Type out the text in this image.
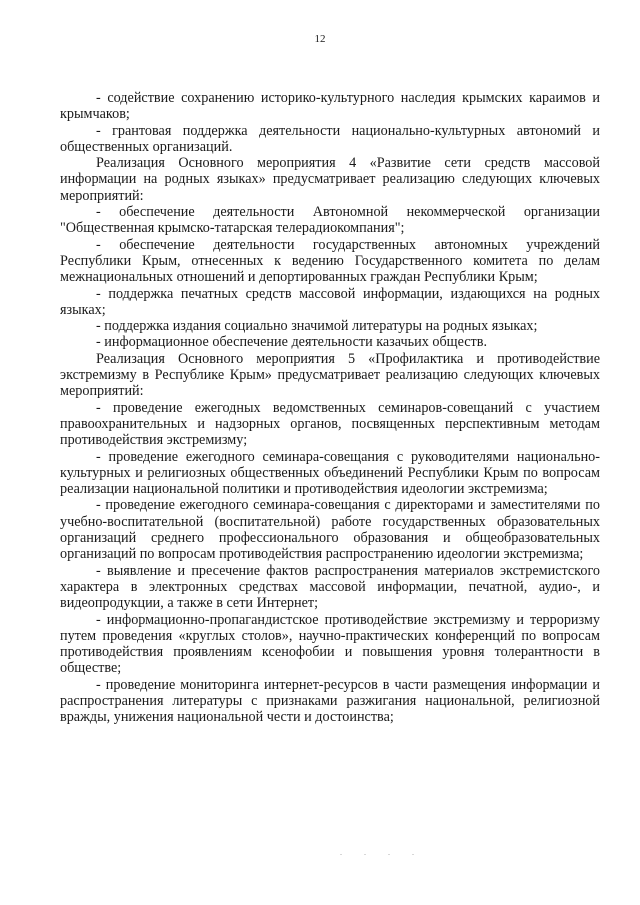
12

- содействие сохранению историко-культурного наследия крымских караимов и крымчаков;

- грантовая поддержка деятельности национально-культурных автономий и общественных организаций.

Реализация Основного мероприятия 4 «Развитие сети средств массовой информации на родных языках» предусматривает реализацию следующих ключевых мероприятий:

- обеспечение деятельности Автономной некоммерческой организации "Общественная крымско-татарская телерадиокомпания";

- обеспечение деятельности государственных автономных учреждений Республики Крым, отнесенных к ведению Государственного комитета по делам межнациональных отношений и депортированных граждан Республики Крым;

- поддержка печатных средств массовой информации, издающихся на родных языках;

- поддержка издания социально значимой литературы на родных языках;

- информационное обеспечение деятельности казачьих обществ.

Реализация Основного мероприятия 5 «Профилактика и противодействие экстремизму в Республике Крым» предусматривает реализацию следующих ключевых мероприятий:

- проведение ежегодных ведомственных семинаров-совещаний с участием правоохранительных и надзорных органов, посвященных перспективным методам противодействия экстремизму;

- проведение ежегодного семинара-совещания с руководителями национально-культурных и религиозных общественных объединений Республики Крым по вопросам реализации национальной политики и противодействия идеологии экстремизма;

- проведение ежегодного семинара-совещания с директорами и заместителями по учебно-воспитательной (воспитательной) работе государственных образовательных организаций среднего профессионального образования и общеобразовательных организаций по вопросам противодействия распространению идеологии экстремизма;

- выявление и пресечение фактов распространения материалов экстремистского характера в электронных средствах массовой информации, печатной, аудио-, и видеопродукции, а также в сети Интернет;

- информационно-пропагандистское противодействие экстремизму и терроризму путем проведения «круглых столов», научно-практических конференций по вопросам противодействия проявлениям ксенофобии и повышения уровня толерантности в обществе;

- проведение мониторинга интернет-ресурсов в части размещения информации и распространения литературы с признаками разжигания национальной, религиозной вражды, унижения национальной чести и достоинства;

. . . .
